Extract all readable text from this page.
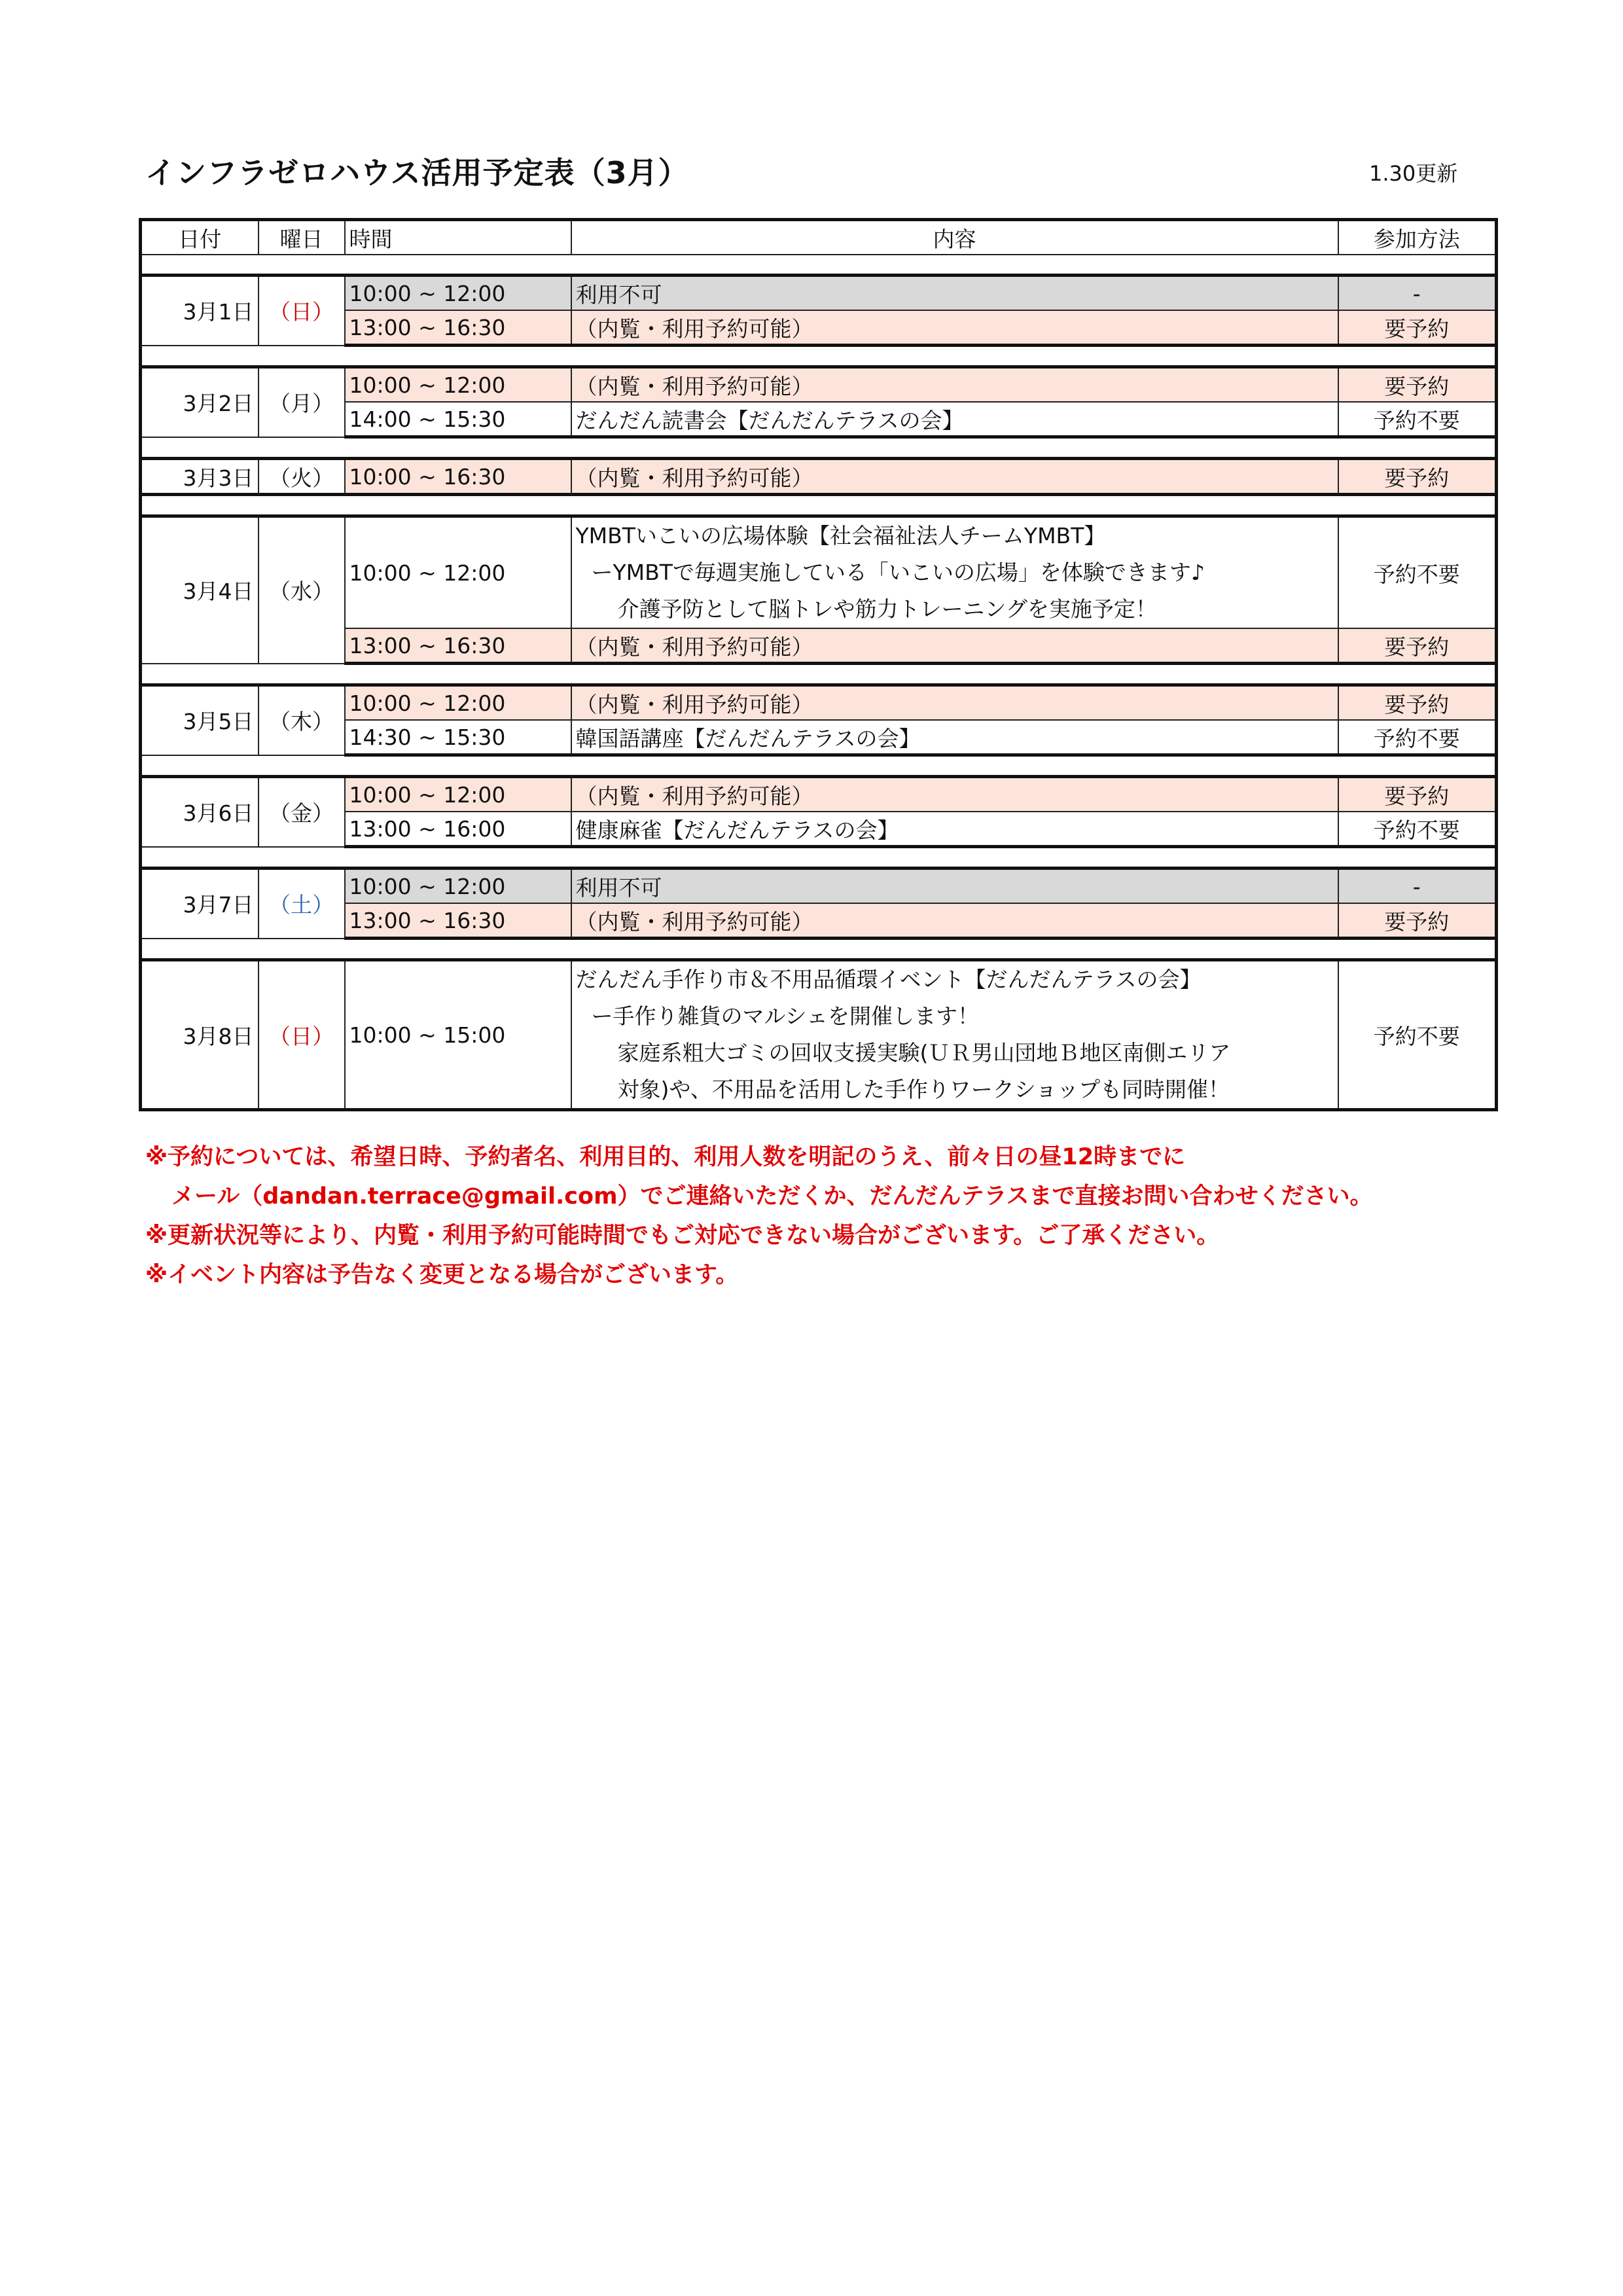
インフラゼロハウス活用予定表（3月）	1.30更新
日付	曜日	時間	内容	参加方法

3月1日	（日）	10:00 ~ 12:00	利用不可	-
		13:00 ~ 16:30	（内覧・利用予約可能）	要予約

3月2日	（月）	10:00 ~ 12:00	（内覧・利用予約可能）	要予約
		14:00 ~ 15:30	だんだん読書会【だんだんテラスの会】	予約不要

3月3日	（火）	10:00 ~ 16:30	（内覧・利用予約可能）	要予約

3月4日	（水）	10:00 ~ 12:00	YMBTいこいの広場体験【社会福祉法人チームYMBT】
ーYMBTで毎週実施している「いこいの広場」を体験できます♪
介護予防として脳トレや筋力トレーニングを実施予定！	予約不要
		13:00 ~ 16:30	（内覧・利用予約可能）	要予約

3月5日	（木）	10:00 ~ 12:00	（内覧・利用予約可能）	要予約
		14:30 ~ 15:30	韓国語講座【だんだんテラスの会】	予約不要

3月6日	（金）	10:00 ~ 12:00	（内覧・利用予約可能）	要予約
		13:00 ~ 16:00	健康麻雀【だんだんテラスの会】	予約不要

3月7日	（土）	10:00 ~ 12:00	利用不可	-
		13:00 ~ 16:30	（内覧・利用予約可能）	要予約

3月8日	（日）	10:00 ~ 15:00	だんだん手作り市＆不用品循環イベント【だんだんテラスの会】
ー手作り雑貨のマルシェを開催します！
家庭系粗大ゴミの回収支援実験(ＵＲ男山団地Ｂ地区南側エリア
対象)や、不用品を活用した手作りワークショップも同時開催！	予約不要
※予約については、希望日時、予約者名、利用目的、利用人数を明記のうえ、前々日の昼12時までに
メール（dandan.terrace@gmail.com）でご連絡いただくか、だんだんテラスまで直接お問い合わせください。
※更新状況等により、内覧・利用予約可能時間でもご対応できない場合がございます。ご了承ください。
※イベント内容は予告なく変更となる場合がございます。
